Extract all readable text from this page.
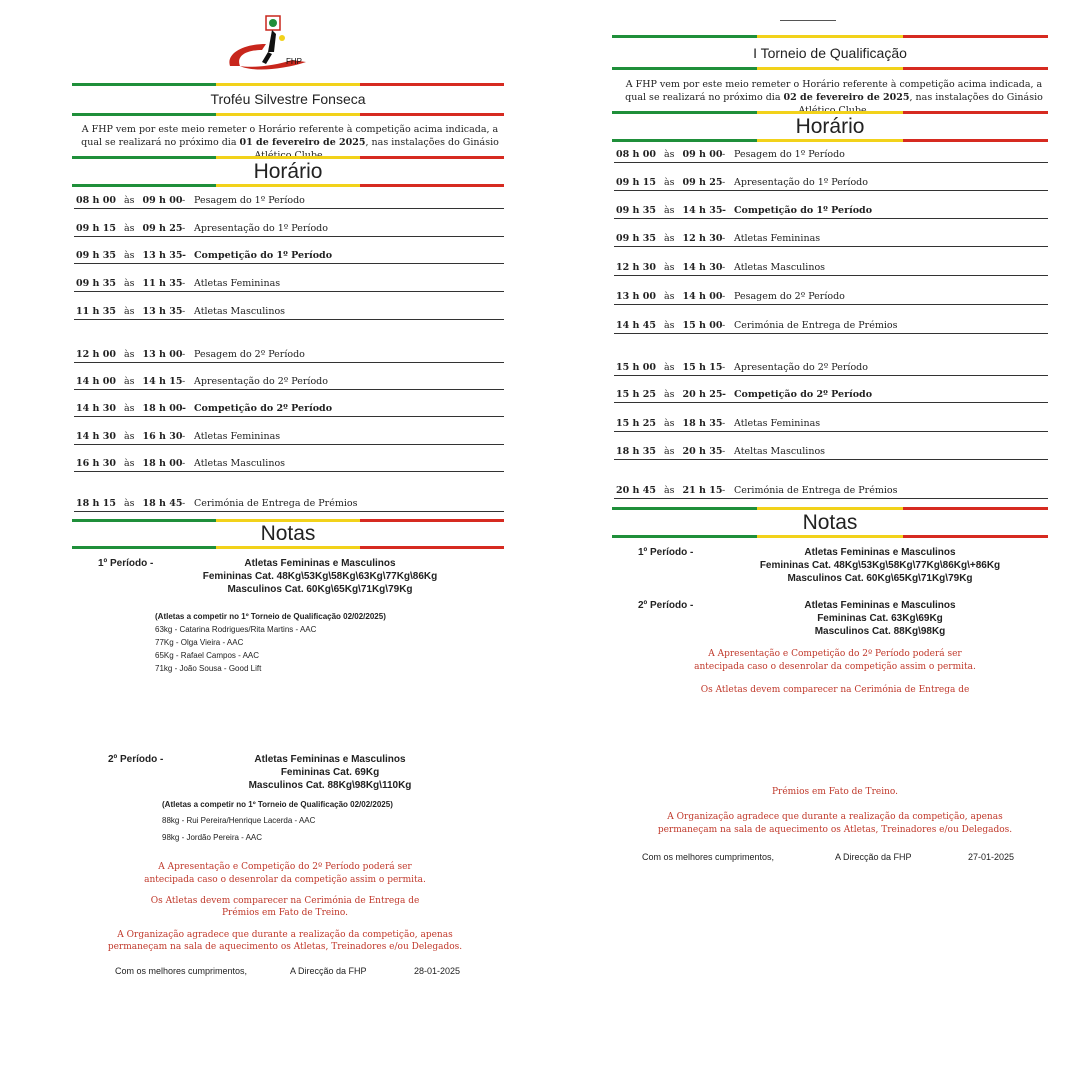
FHP
Troféu Silvestre Fonseca
A FHP vem por este meio remeter o Horário referente à competição acima indicada, a qual se realizará no próximo dia 01 de fevereiro de 2025, nas instalações do Ginásio
Horário
08 h 00 às 09 h 00 - Pesagem do 1º Período
09 h 15 às 09 h 25 - Apresentação do 1º Período
09 h 35 às 13 h 35 - Competição do 1º Período
09 h 35 às 11 h 35 - Atletas Femininas
11 h 35 às 13 h 35 - Atletas Masculinos
12 h 00 às 13 h 00 - Pesagem do 2º Período
14 h 00 às 14 h 15 - Apresentação do 2º Período
14 h 30 às 18 h 00 - Competição do 2º Período
14 h 30 às 16 h 30 - Atletas Femininas
16 h 30 às 18 h 00 - Atletas Masculinos
18 h 15 às 18 h 45 - Cerimónia de Entrega de Prémios
Notas
1º Período -	Atletas Femininas e Masculinos
Femininas Cat. 48Kg\53Kg\58Kg\63Kg\77Kg\86Kg
Masculinos Cat. 60Kg\65Kg\71Kg\79Kg
(Atletas a competir no 1º Torneio de Qualificação 02/02/2025)
63kg - Catarina Rodrigues/Rita Martins - AAC
77Kg - Olga Vieira - AAC
65Kg - Rafael Campos - AAC
71kg - João Sousa - Good Lift
2º Período -	Atletas Femininas e Masculinos
Femininas Cat. 69Kg
Masculinos Cat. 88Kg\98Kg\110Kg
(Atletas a competir no 1º Torneio de Qualificação 02/02/2025)
88kg - Rui Pereira/Henrique Lacerda - AAC
98kg - Jordão Pereira - AAC
A Apresentação e Competição do 2º Período poderá ser
antecipada caso o desenrolar da competição assim o permita.
Os Atletas devem comparecer na Cerimónia de Entrega de
Prémios em Fato de Treino.
A Organização agradece que durante a realização da competição, apenas
permaneçam na sala de aquecimento os Atletas, Treinadores e/ou Delegados.
Com os melhores cumprimentos,	A Direcção da FHP	28-01-2025
I Torneio de Qualificação
A FHP vem por este meio remeter o Horário referente à competição acima indicada, a qual se realizará no próximo dia 02 de fevereiro de 2025, nas instalações do Ginásio
Horário
08 h 00 às 09 h 00 - Pesagem do 1º Período
09 h 15 às 09 h 25 - Apresentação do 1º Período
09 h 35 às 14 h 35 - Competição do 1º Período
09 h 35 às 12 h 30 - Atletas Femininas
12 h 30 às 14 h 30 - Atletas Masculinos
13 h 00 às 14 h 00 - Pesagem do 2º Período
14 h 45 às 15 h 00 - Cerimónia de Entrega de Prémios
15 h 00 às 15 h 15 - Apresentação do 2º Período
15 h 25 às 20 h 25 - Competição do 2º Período
15 h 25 às 18 h 35 - Atletas Femininas
18 h 35 às 20 h 35 - Ateltas Masculinos
20 h 45 às 21 h 15 - Cerimónia de Entrega de Prémios
Notas
1º Período -	Atletas Femininas e Masculinos
Femininas Cat. 48Kg\53Kg\58Kg\77Kg\86Kg\+86Kg
Masculinos Cat. 60Kg\65Kg\71Kg\79Kg
2º Período -	Atletas Femininas e Masculinos
Femininas Cat. 63Kg\69Kg
Masculinos Cat. 88Kg\98Kg
A Apresentação e Competição do 2º Período poderá ser
antecipada caso o desenrolar da competição assim o permita.
Os Atletas devem comparecer na Cerimónia de Entrega de
Prémios em Fato de Treino.
A Organização agradece que durante a realização da competição, apenas
permaneçam na sala de aquecimento os Atletas, Treinadores e/ou Delegados.
Com os melhores cumprimentos,	A Direcção da FHP	27-01-2025
